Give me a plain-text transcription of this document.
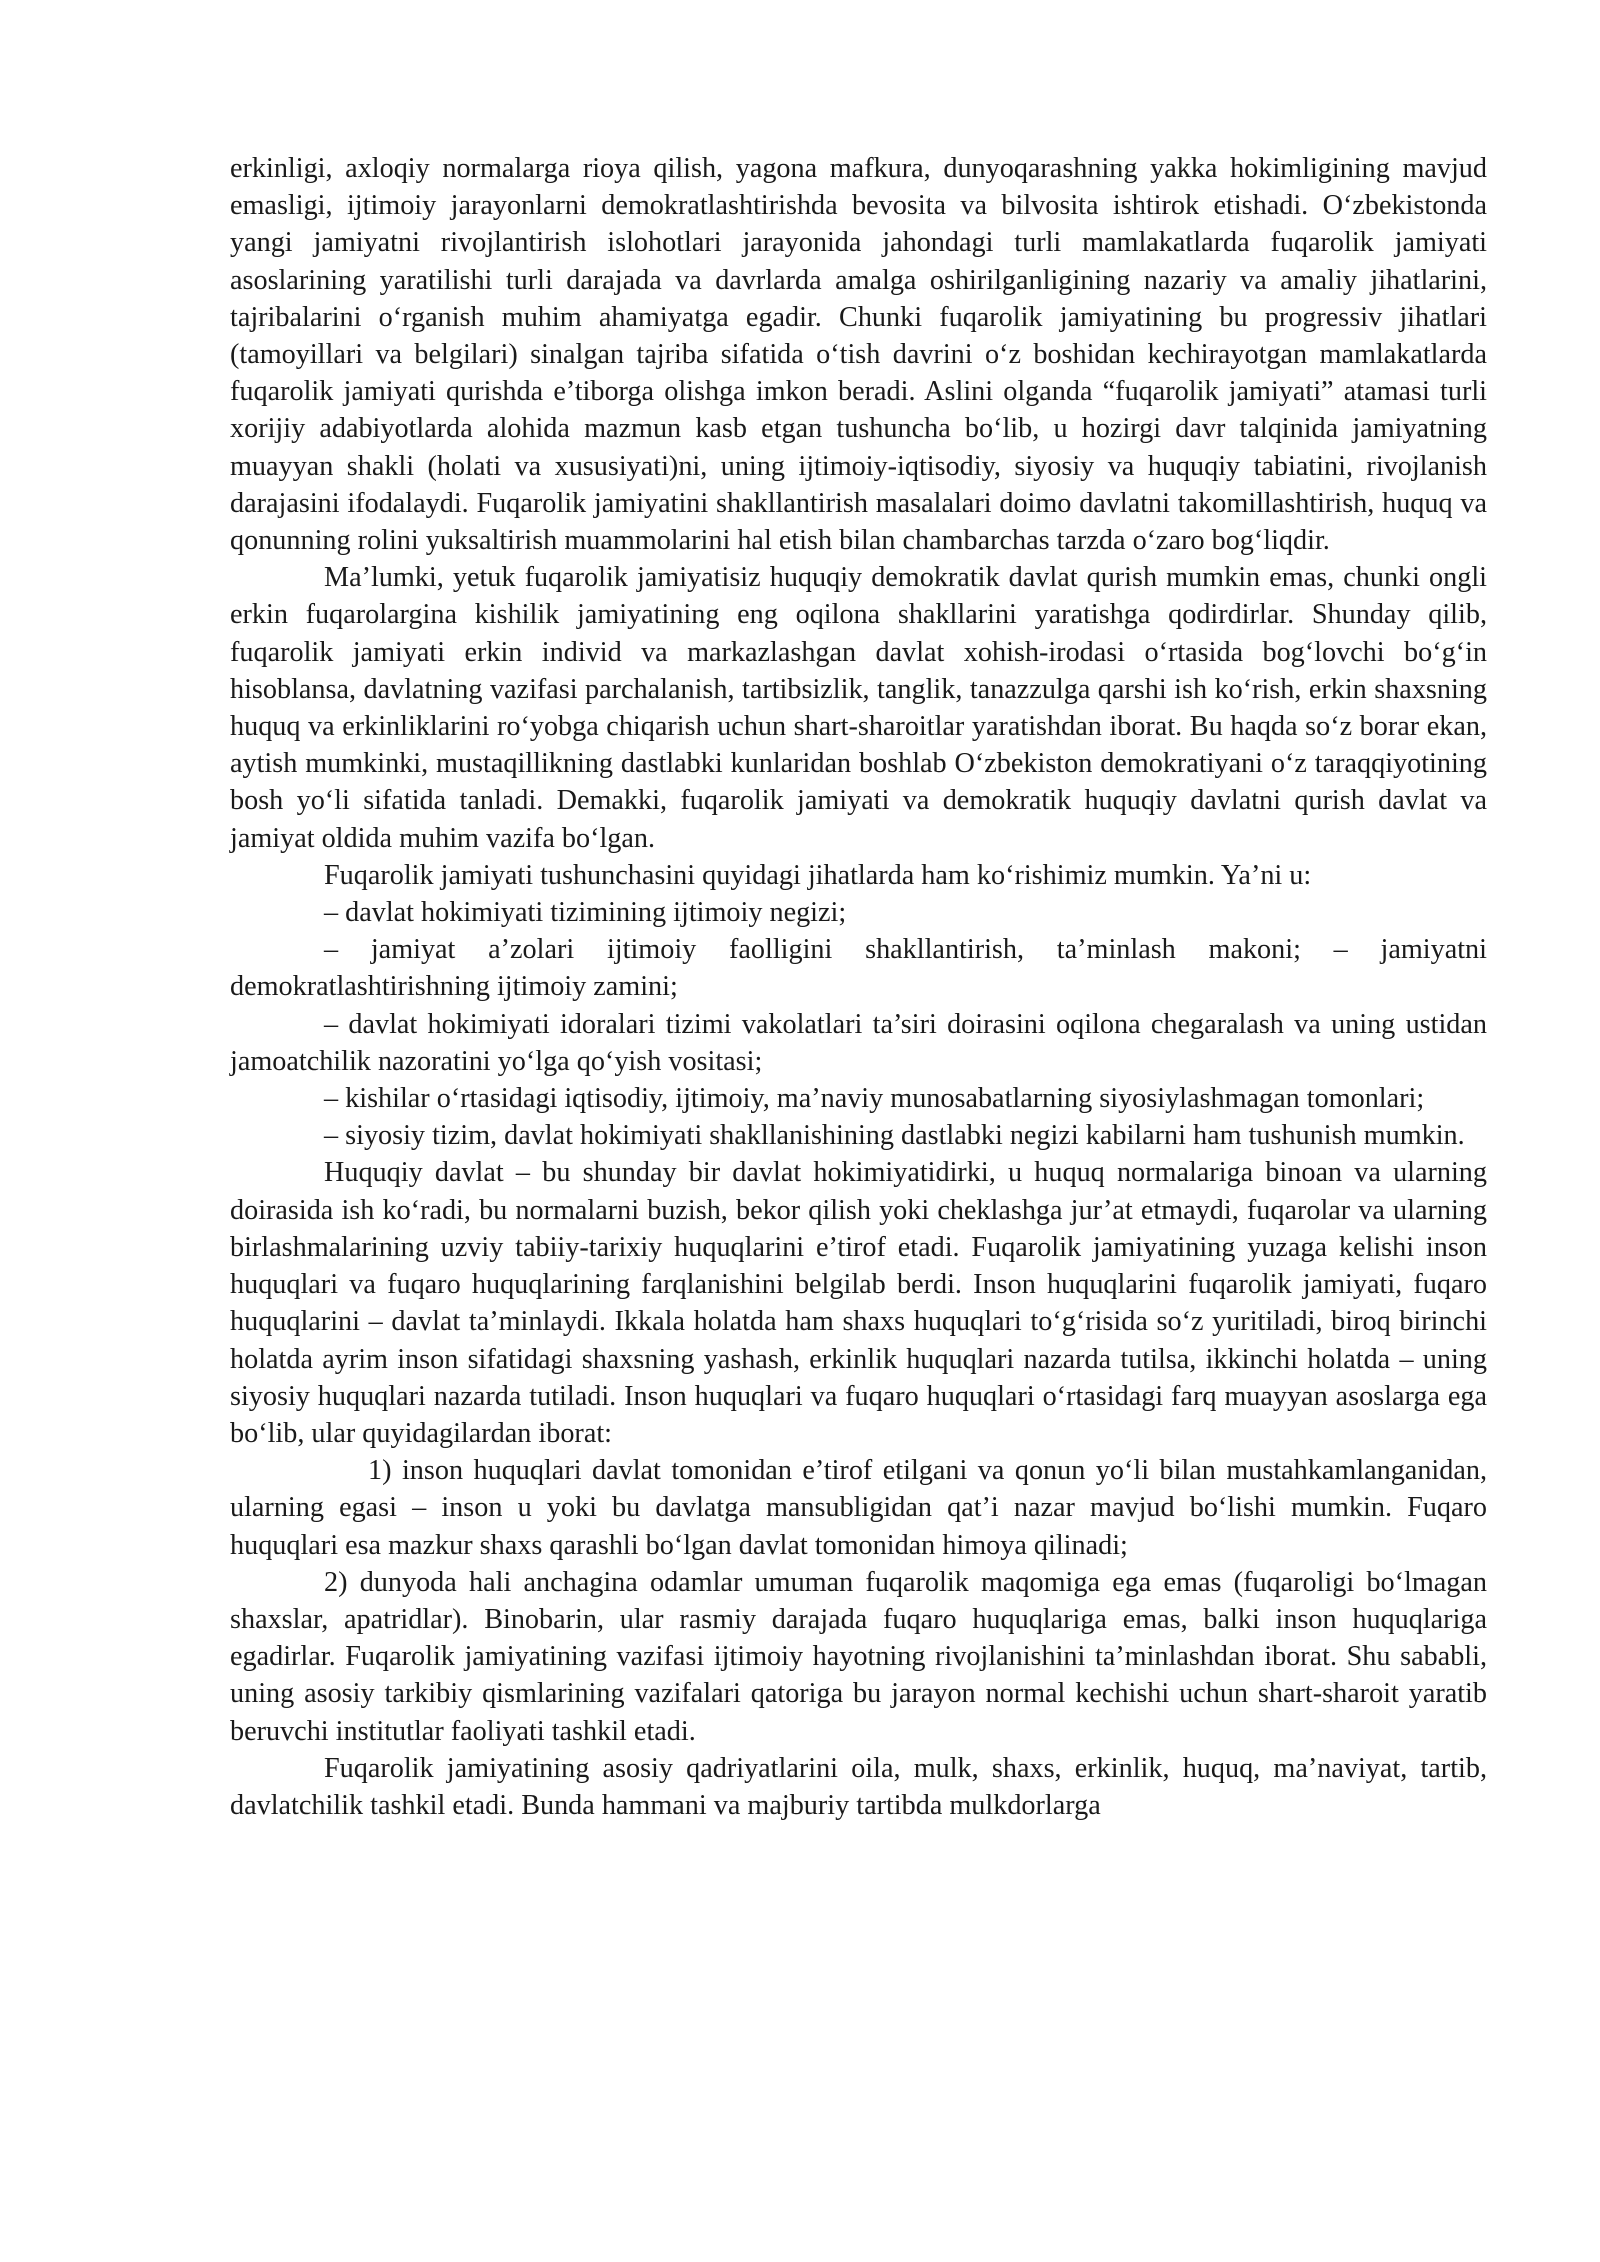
erkinligi, axloqiy normalarga rioya qilish, yagona mafkura, dunyoqarashning yakka hokimligining mavjud emasligi, ijtimoiy jarayonlarni demokratlashtirishda bevosita va bilvosita ishtirok etishadi. O‘zbekistonda yangi jamiyatni rivojlantirish islohotlari jarayonida jahondagi turli mamlakatlarda fuqarolik jamiyati asoslarining yaratilishi turli darajada va davrlarda amalga oshirilganligining nazariy va amaliy jihatlarini, tajribalarini o‘rganish muhim ahamiyatga egadir. Chunki fuqarolik jamiyatining bu progressiv jihatlari (tamoyillari va belgilari) sinalgan tajriba sifatida o‘tish davrini o‘z boshidan kechirayotgan mamlakatlarda fuqarolik jamiyati qurishda e’tiborga olishga imkon beradi. Aslini olganda “fuqarolik jamiyati” atamasi turli xorijiy adabiyotlarda alohida mazmun kasb etgan tushuncha bo‘lib, u hozirgi davr talqinida jamiyatning muayyan shakli (holati va xususiyati)ni, uning ijtimoiy-iqtisodiy, siyosiy va huquqiy tabiatini, rivojlanish darajasini ifodalaydi. Fuqarolik jamiyatini shakllantirish masalalari doimo davlatni takomillashtirish, huquq va qonunning rolini yuksaltirish muammolarini hal etish bilan chambarchas tarzda o‘zaro bog‘liqdir.

Ma’lumki, yetuk fuqarolik jamiyatisiz huquqiy demokratik davlat qurish mumkin emas, chunki ongli erkin fuqarolargina kishilik jamiyatining eng oqilona shakllarini yaratishga qodirdirlar. Shunday qilib, fuqarolik jamiyati erkin individ va markazlashgan davlat xohish-irodasi o‘rtasida bog‘lovchi bo‘g‘in hisoblansa, davlatning vazifasi parchalanish, tartibsizlik, tanglik, tanazzulga qarshi ish ko‘rish, erkin shaxsning huquq va erkinliklarini ro‘yobga chiqarish uchun shart-sharoitlar yaratishdan iborat. Bu haqda so‘z borar ekan, aytish mumkinki, mustaqillikning dastlabki kunlaridan boshlab O‘zbekiston demokratiyani o‘z taraqqiyotining bosh yo‘li sifatida tanladi. Demakki, fuqarolik jamiyati va demokratik huquqiy davlatni qurish davlat va jamiyat oldida muhim vazifa bo‘lgan.

Fuqarolik jamiyati tushunchasini quyidagi jihatlarda ham ko‘rishimiz mumkin. Ya’ni u:

– davlat hokimiyati tizimining ijtimoiy negizi;

– jamiyat a’zolari ijtimoiy faolligini shakllantirish, ta’minlash makoni; – jamiyatni demokratlashtirishning ijtimoiy zamini;

– davlat hokimiyati idoralari tizimi vakolatlari ta’siri doirasini oqilona chegaralash va uning ustidan jamoatchilik nazoratini yo‘lga qo‘yish vositasi;

– kishilar o‘rtasidagi iqtisodiy, ijtimoiy, ma’naviy munosabatlarning siyosiylashmagan tomonlari;

– siyosiy tizim, davlat hokimiyati shakllanishining dastlabki negizi kabilarni ham tushunish mumkin.

Huquqiy davlat – bu shunday bir davlat hokimiyatidirki, u huquq normalariga binoan va ularning doirasida ish ko‘radi, bu normalarni buzish, bekor qilish yoki cheklashga jur’at etmaydi, fuqarolar va ularning birlashmalarining uzviy tabiiy-tarixiy huquqlarini e’tirof etadi. Fuqarolik jamiyatining yuzaga kelishi inson huquqlari va fuqaro huquqlarining farqlanishini belgilab berdi. Inson huquqlarini fuqarolik jamiyati, fuqaro huquqlarini – davlat ta’minlaydi. Ikkala holatda ham shaxs huquqlari to‘g‘risida so‘z yuritiladi, biroq birinchi holatda ayrim inson sifatidagi shaxsning yashash, erkinlik huquqlari nazarda tutilsa, ikkinchi holatda – uning siyosiy huquqlari nazarda tutiladi. Inson huquqlari va fuqaro huquqlari o‘rtasidagi farq muayyan asoslarga ega bo‘lib, ular quyidagilardan iborat:

1) inson huquqlari davlat tomonidan e’tirof etilgani va qonun yo‘li bilan mustahkamlanganidan, ularning egasi – inson u yoki bu davlatga mansubligidan qat’i nazar mavjud bo‘lishi mumkin. Fuqaro huquqlari esa mazkur shaxs qarashli bo‘lgan davlat tomonidan himoya qilinadi;

2) dunyoda hali anchagina odamlar umuman fuqarolik maqomiga ega emas (fuqaroligi bo‘lmagan shaxslar, apatridlar). Binobarin, ular rasmiy darajada fuqaro huquqlariga emas, balki inson huquqlariga egadirlar. Fuqarolik jamiyatining vazifasi ijtimoiy hayotning rivojlanishini ta’minlashdan iborat. Shu sababli, uning asosiy tarkibiy qismlarining vazifalari qatoriga bu jarayon normal kechishi uchun shart-sharoit yaratib beruvchi institutlar faoliyati tashkil etadi.

Fuqarolik jamiyatining asosiy qadriyatlarini oila, mulk, shaxs, erkinlik, huquq, ma’naviyat, tartib, davlatchilik tashkil etadi. Bunda hammani va majburiy tartibda mulkdorlarga
